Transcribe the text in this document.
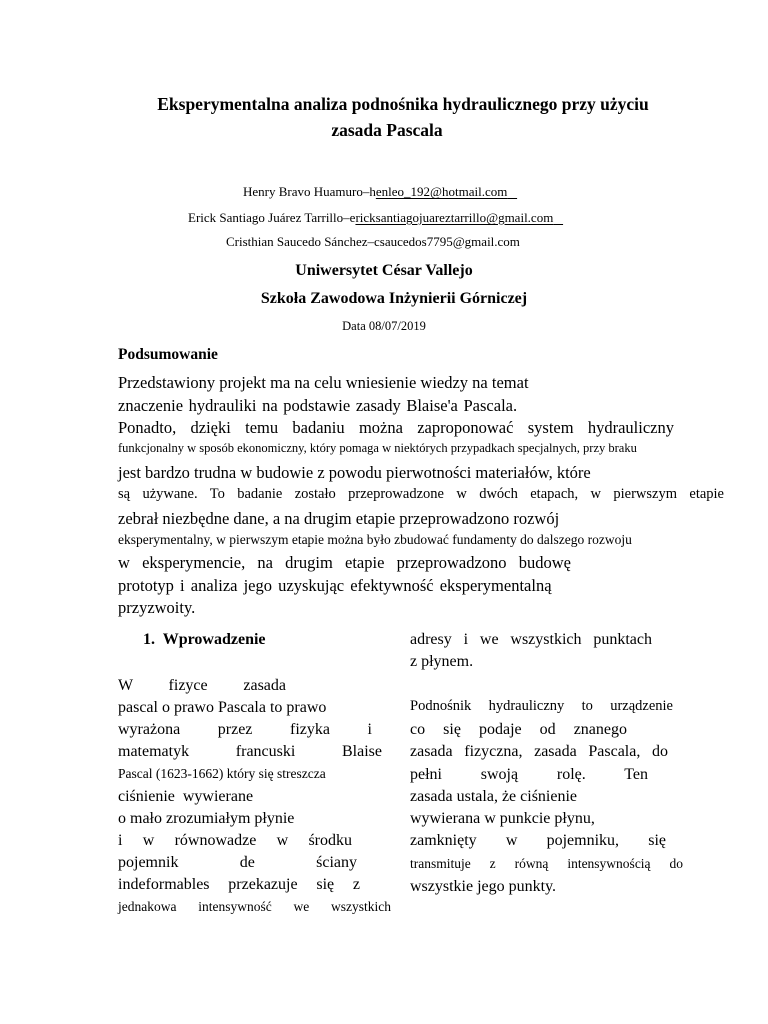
Eksperymentalna analiza podnośnika hydraulicznego przy użyciu
zasada Pascala
Henry Bravo Huamuro–henleo_192@hotmail.com
Erick Santiago Juárez Tarrillo–ericksantiagojuareztarrillo@gmail.com
Cristhian Saucedo Sánchez–csaucedos7795@gmail.com
Uniwersytet César Vallejo
Szkoła Zawodowa Inżynierii Górniczej
Data 08/07/2019
Podsumowanie
Przedstawiony projekt ma na celu wniesienie wiedzy na temat
znaczenie hydrauliki na podstawie zasady Blaise'a Pascala.
Ponadto, dzięki temu badaniu można zaproponować system hydrauliczny
funkcjonalny w sposób ekonomiczny, który pomaga w niektórych przypadkach specjalnych, przy braku
jest bardzo trudna w budowie z powodu pierwotności materiałów, które
są używane. To badanie zostało przeprowadzone w dwóch etapach, w pierwszym etapie
zebrał niezbędne dane, a na drugim etapie przeprowadzono rozwój
eksperymentalny, w pierwszym etapie można było zbudować fundamenty do dalszego rozwoju
w eksperymencie, na drugim etapie przeprowadzono budowę
prototyp i analiza jego uzyskując efektywność eksperymentalną
przyzwoity.
1.  Wprowadzenie
W fizyce zasada
pascal o prawo Pascala to prawo
wyrażona przez fizyka i
matematyk francuski Blaise
Pascal (1623-1662) który się streszcza
ciśnienie  wywierane
o mało zrozumiałym płynie
i w równowadze w środku
pojemnik de ściany
indeformables przekazuje się z
jednakowa intensywność we wszystkich
adresy i we wszystkich punktach
z płynem.
Podnośnik hydrauliczny to urządzenie
co się podaje od znanego
zasada fizyczna, zasada Pascala, do
pełni swoją rolę. Ten
zasada ustala, że ciśnienie
wywierana w punkcie płynu,
zamknięty w pojemniku, się
transmituje z równą intensywnością do
wszystkie jego punkty.
